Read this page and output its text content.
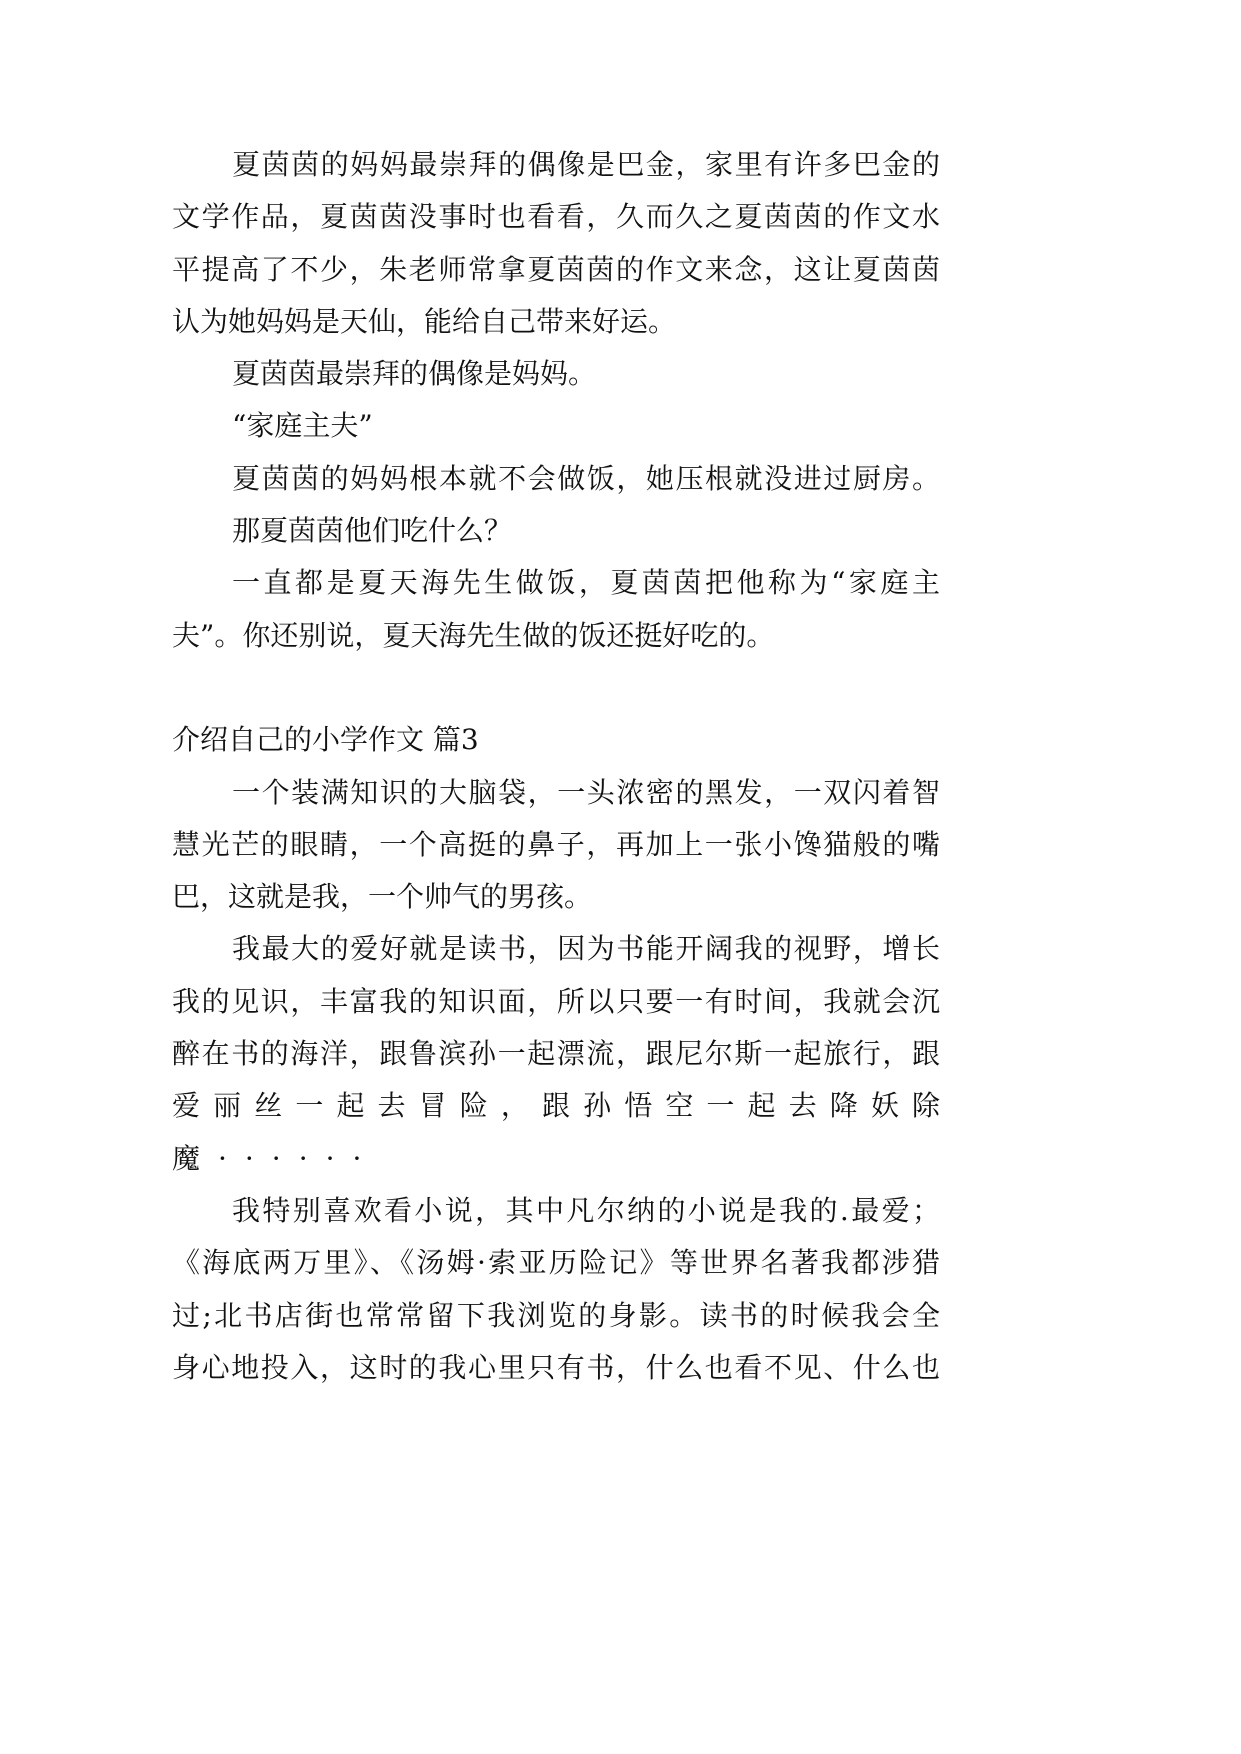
夏茵茵的妈妈最崇拜的偶像是巴金，家里有许多巴金的
文学作品，夏茵茵没事时也看看，久而久之夏茵茵的作文水
平提高了不少，朱老师常拿夏茵茵的作文来念，这让夏茵茵
认为她妈妈是天仙，能给自己带来好运。
夏茵茵最崇拜的偶像是妈妈。
“家庭主夫”
夏茵茵的妈妈根本就不会做饭，她压根就没进过厨房。
那夏茵茵他们吃什么？
一直都是夏天海先生做饭，夏茵茵把他称为“家庭主
夫”。你还别说，夏天海先生做的饭还挺好吃的。
介绍自己的小学作文 篇3
一个装满知识的大脑袋，一头浓密的黑发，一双闪着智
慧光芒的眼睛，一个高挺的鼻子，再加上一张小馋猫般的嘴
巴，这就是我，一个帅气的男孩。
我最大的爱好就是读书，因为书能开阔我的视野，增长
我的见识，丰富我的知识面，所以只要一有时间，我就会沉
醉在书的海洋，跟鲁滨孙一起漂流，跟尼尔斯一起旅行，跟
爱丽丝一起去冒险，跟孙悟空一起去降妖除
魔······
我特别喜欢看小说，其中凡尔纳的小说是我的.最爱；
《海底两万里》、《汤姆·索亚历险记》等世界名著我都涉猎
过;北书店街也常常留下我浏览的身影。读书的时候我会全
身心地投入，这时的我心里只有书，什么也看不见、什么也
